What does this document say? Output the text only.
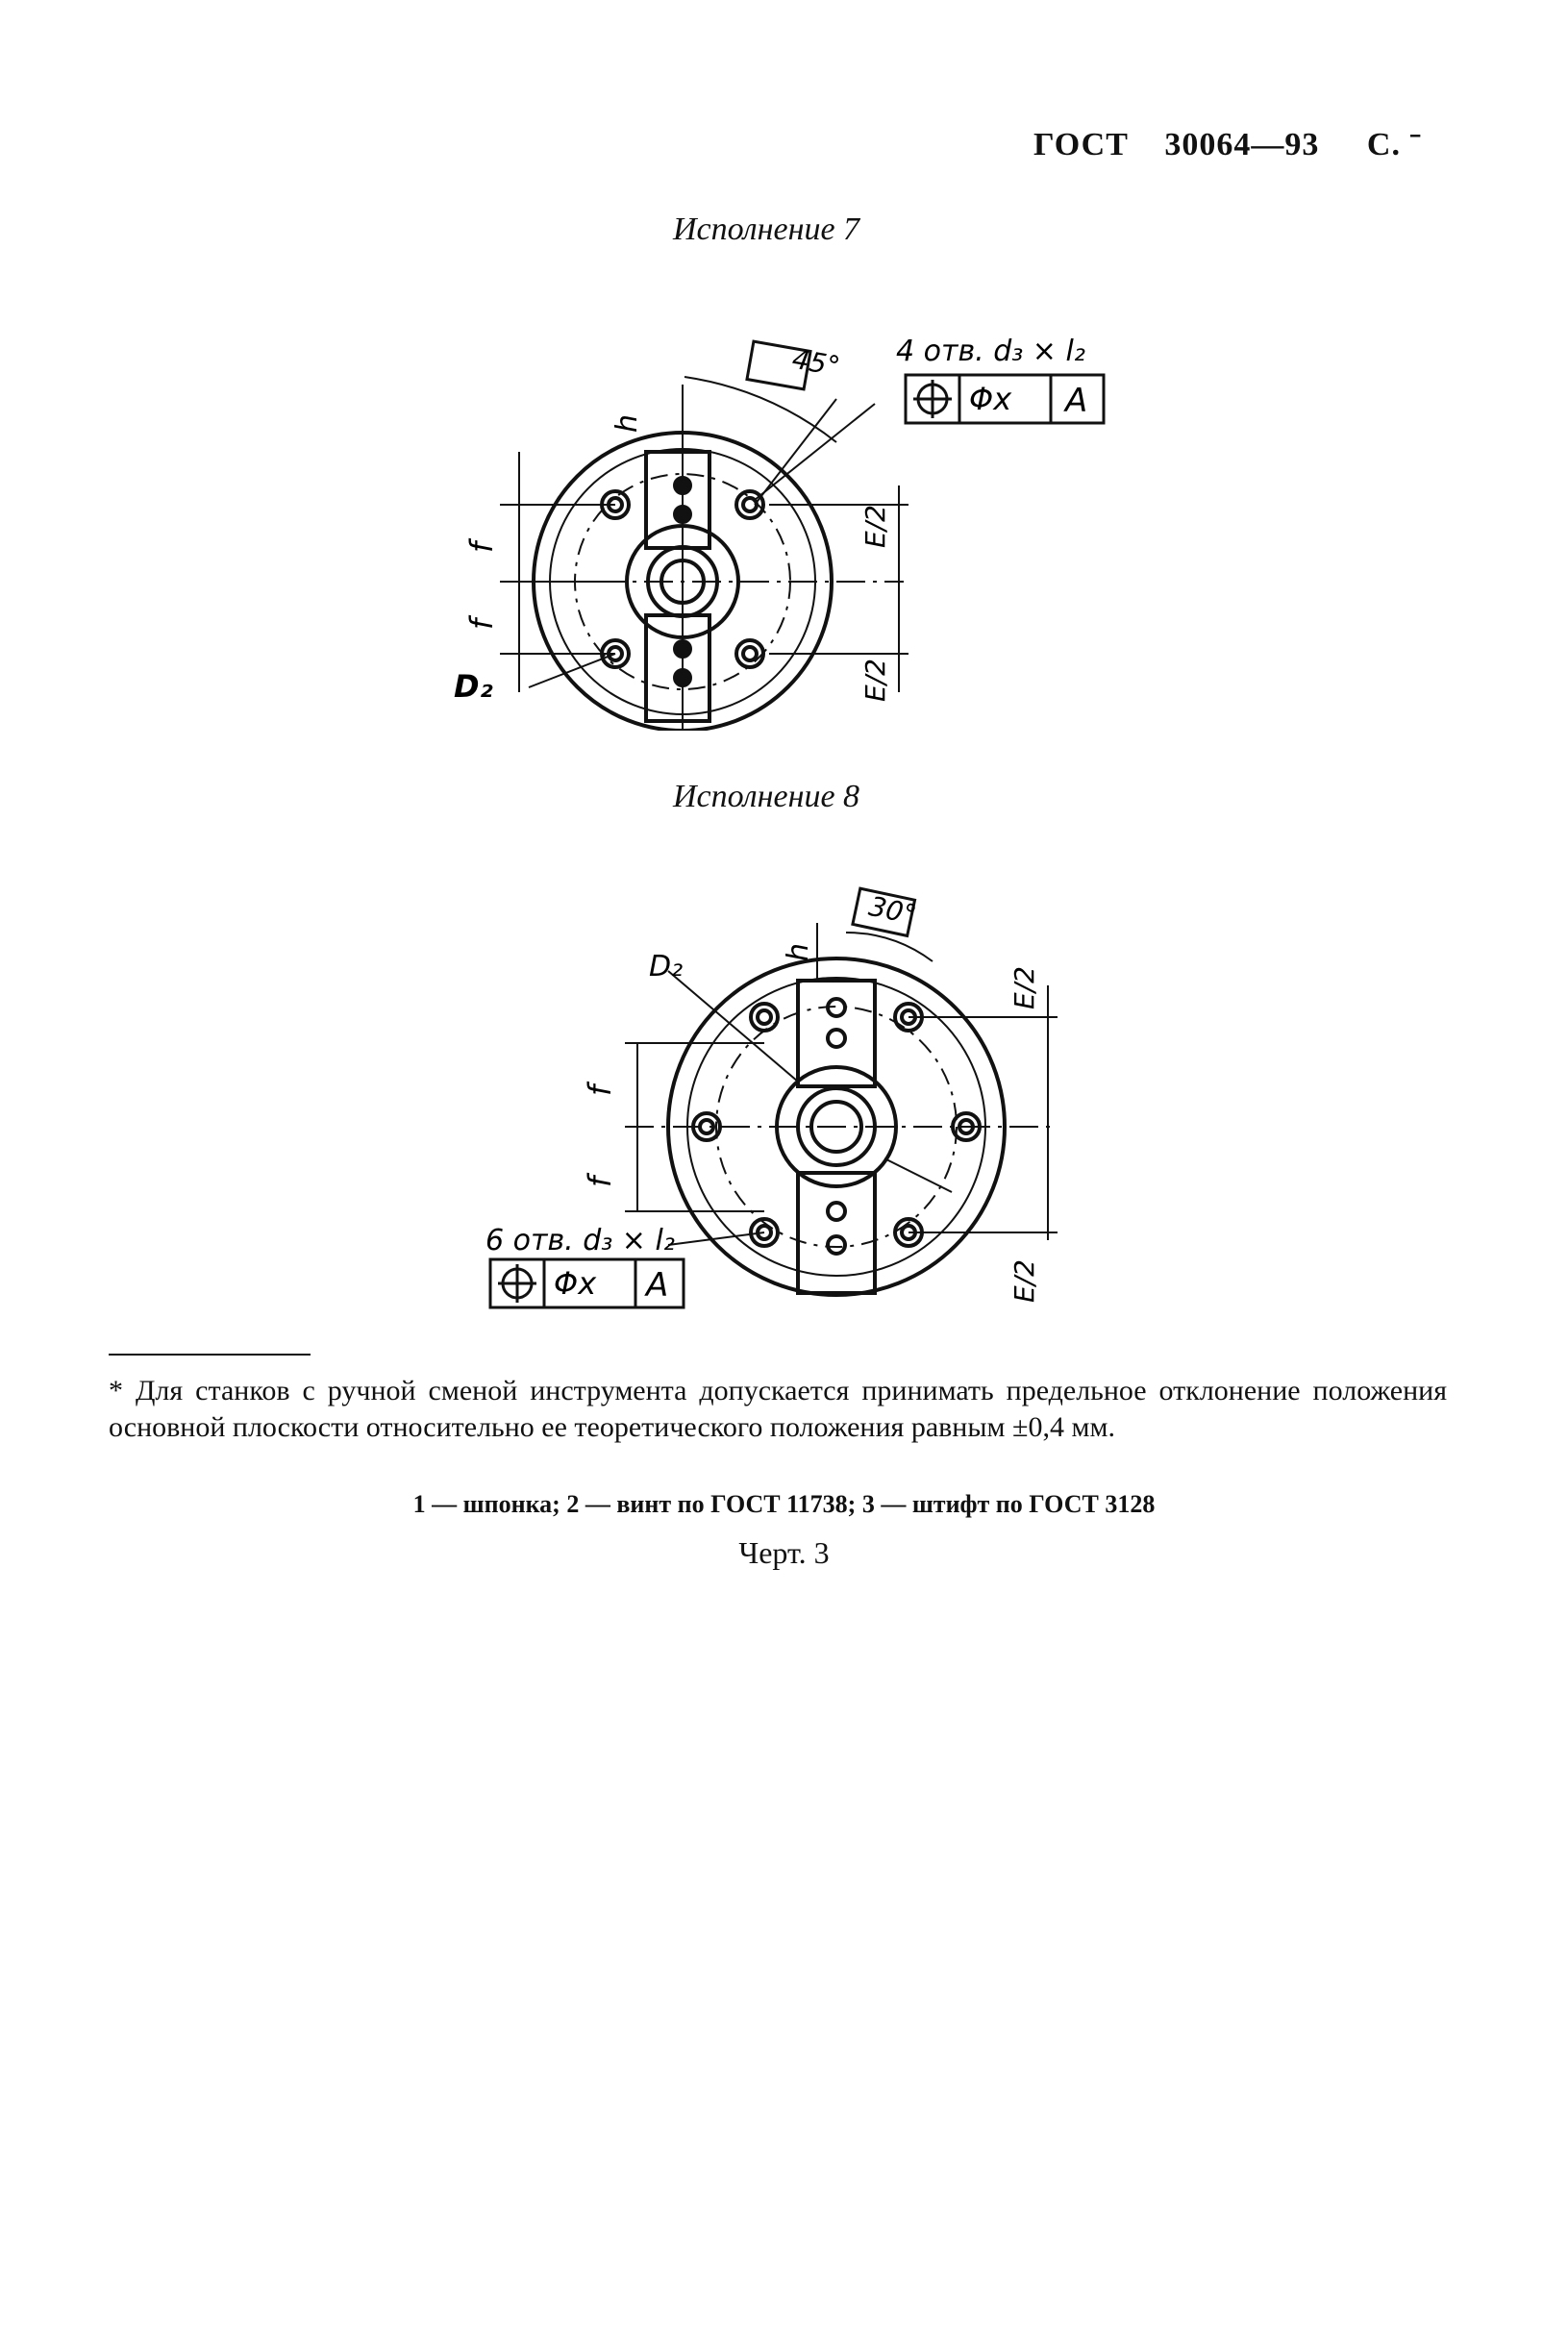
ГОСТ 30064—93 С. ˉ
Исполнение 7
45° 4 отв. d₃ × l₂
Φx A
h
f
f
E/2
E/2
D₂
Исполнение 8
30°
6 отв. d₃ × l₂
Φx A
h
f
f
E/2
E/2
D₂
* Для станков с ручной сменой инструмента допускается принимать предельное отклонение положения основной плоскости относительно ее теоретического положения равным ±0,4 мм.
1 — шпонка; 2 — винт по ГОСТ 11738; 3 — штифт по ГОСТ 3128
Черт. 3
